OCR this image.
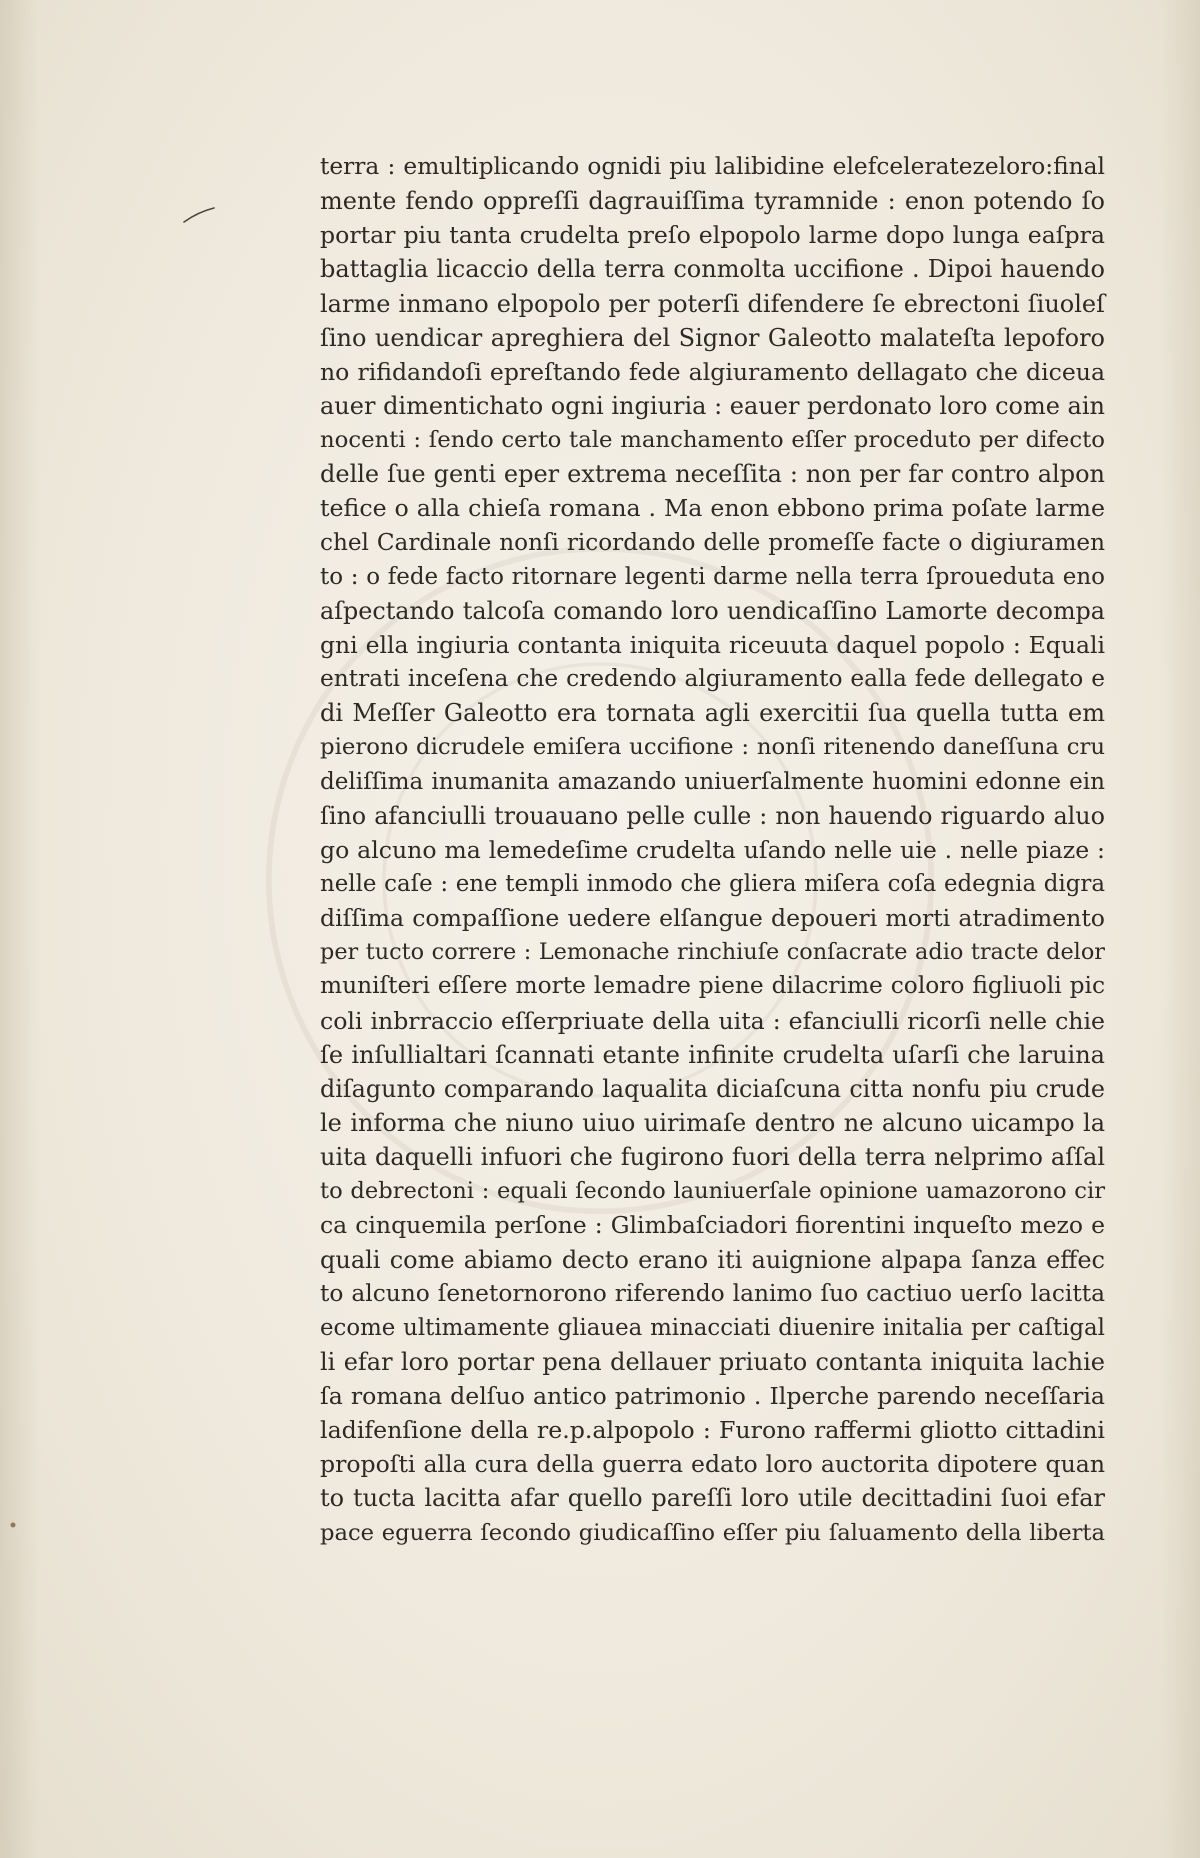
terra : emultiplicando ognidi piu lalibidine elefceleratezeloro:final
mente fendo oppreſſi dagrauiſſima tyramnide : enon potendo ſo
portar piu tanta crudelta preſo elpopolo larme dopo lunga eaſpra
battaglia licaccio della terra conmolta uccifione . Dipoi hauendo
larme inmano elpopolo per poterſi difendere ſe ebrectoni ſiuoleſ
ſino uendicar apreghiera del Signor Galeotto malateſta lepoforo
no rifidandoſi epreſtando fede algiuramento dellagato che diceua
auer dimentichato ogni ingiuria : eauer perdonato loro come ain
nocenti : ſendo certo tale manchamento eſſer proceduto per difecto
delle ſue genti eper extrema neceſſita : non per far contro alpon
tefice o alla chieſa romana . Ma enon ebbono prima poſate larme
chel Cardinale nonſi ricordando delle promeſſe facte o digiuramen
to : o fede facto ritornare legenti darme nella terra ſproueduta eno
aſpectando talcoſa comando loro uendicaſſino Lamorte decompa
gni ella ingiuria contanta iniquita riceuuta daquel popolo : Equali
entrati inceſena che credendo algiuramento ealla fede dellegato e
di Meſſer Galeotto era tornata agli exercitii ſua quella tutta em
pierono dicrudele emiſera uccifione : nonſi ritenendo daneſſuna cru
deliſſima inumanita amazando uniuerſalmente huomini edonne ein
ſino afanciulli trouauano pelle culle : non hauendo riguardo aluo
go alcuno ma lemedeſime crudelta uſando nelle uie . nelle piaze :
nelle caſe : ene templi inmodo che gliera miſera coſa edegnia digra
diſſima compaſſione uedere elſangue depoueri morti atradimento
per tucto correre : Lemonache rinchiuſe conſacrate adio tracte delor
muniſteri eſſere morte lemadre piene dilacrime coloro figliuoli pic
coli inbrraccio eſſerpriuate della uita : efanciulli ricorſi nelle chie
ſe inſullialtari ſcannati etante infinite crudelta uſarſi che laruina
diſagunto comparando laqualita diciaſcuna citta nonfu piu crude
le informa che niuno uiuo uirimaſe dentro ne alcuno uicampo la
uita daquelli infuori che fugirono fuori della terra nelprimo aſſal
to debrectoni : equali ſecondo launiuerſale opinione uamazorono cir
ca cinquemila perſone : Glimbaſciadori fiorentini inqueſto mezo e
quali come abiamo decto erano iti auignione alpapa ſanza effec
to alcuno ſenetornorono riferendo lanimo ſuo cactiuo uerſo lacitta
ecome ultimamente gliauea minacciati diuenire initalia per caſtigal
li efar loro portar pena dellauer priuato contanta iniquita lachie
ſa romana delſuo antico patrimonio . Ilperche parendo neceſſaria
ladifenſione della re.p.alpopolo : Furono raffermi gliotto cittadini
propoſti alla cura della guerra edato loro auctorita dipotere quan
to tucta lacitta afar quello pareſſi loro utile decittadini ſuoi efar
pace eguerra ſecondo giudicaſſino eſſer piu ſaluamento della liberta
